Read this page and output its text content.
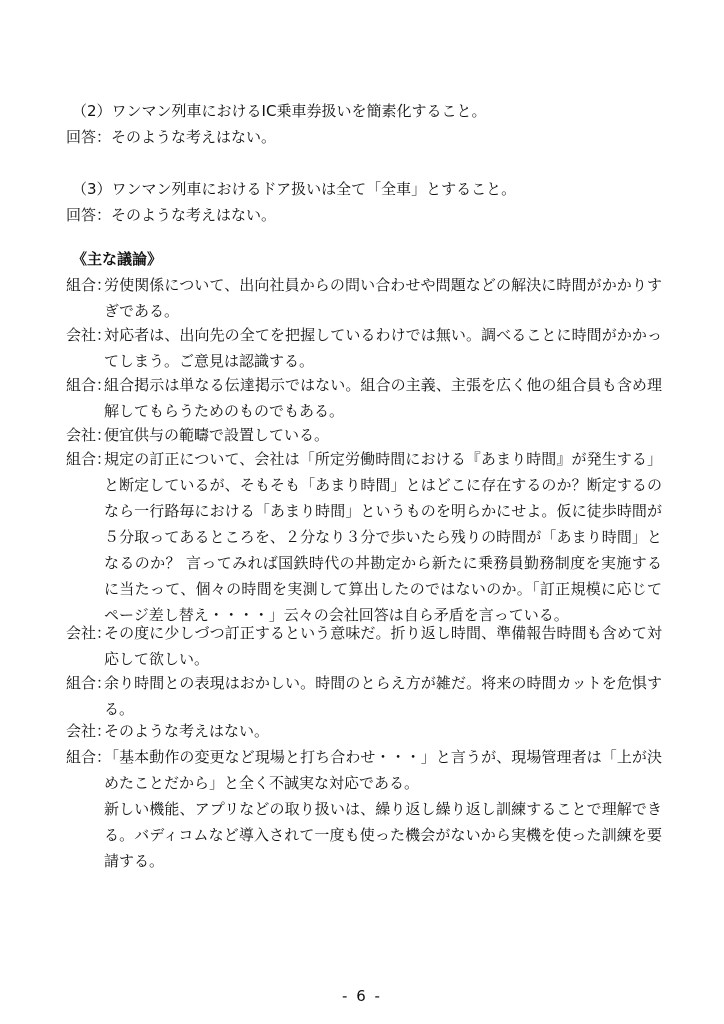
（2）ワンマン列車におけるIC乗車券扱いを簡素化すること。
回答：そのような考えはない。
（3）ワンマン列車におけるドア扱いは全て「全車」とすること。
回答：そのような考えはない。
《主な議論》
組合：
労使関係について、出向社員からの問い合わせや問題などの解決に時間がかかりすぎである。
会社：
対応者は、出向先の全てを把握しているわけでは無い。調べることに時間がかかってしまう。ご意見は認識する。
組合：
組合掲示は単なる伝達掲示ではない。組合の主義、主張を広く他の組合員も含め理解してもらうためのものでもある。
会社：
便宜供与の範疇で設置している。
組合：
規定の訂正について、会社は「所定労働時間における『あまり時間』が発生する」と断定しているが、そもそも「あまり時間」とはどこに存在するのか？断定するのなら一行路毎における「あまり時間」というものを明らかにせよ。仮に徒歩時間が５分取ってあるところを、２分なり３分で歩いたら残りの時間が「あまり時間」となるのか？ 言ってみれば国鉄時代の丼勘定から新たに乗務員勤務制度を実施するに当たって、個々の時間を実測して算出したのではないのか。「訂正規模に応じてページ差し替え・・・・」云々の会社回答は自ら矛盾を言っている。
会社：
その度に少しづつ訂正するという意味だ。折り返し時間、準備報告時間も含めて対応して欲しい。
組合：
余り時間との表現はおかしい。時間のとらえ方が雑だ。将来の時間カットを危惧する。
会社：
そのような考えはない。
組合：
「基本動作の変更など現場と打ち合わせ・・・」と言うが、現場管理者は「上が決めたことだから」と全く不誠実な対応である。
新しい機能、アプリなどの取り扱いは、繰り返し繰り返し訓練することで理解できる。バディコムなど導入されて一度も使った機会がないから実機を使った訓練を要請する。
- 6 -
